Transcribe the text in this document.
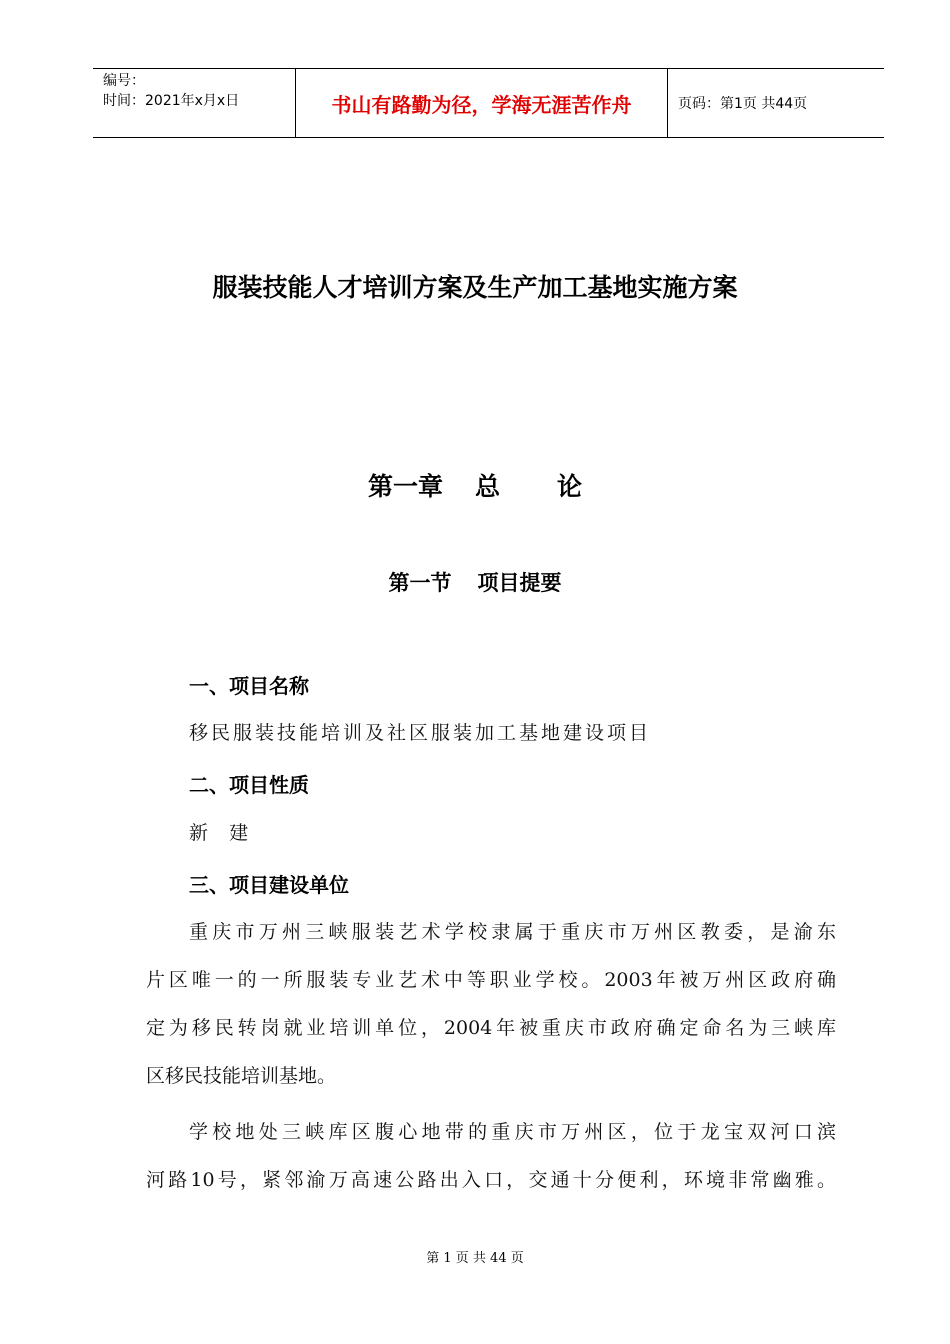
编号：
时间：2021年x月x日	书山有路勤为径，学海无涯苦作舟	页码：第1页 共44页
服装技能人才培训方案及生产加工基地实施方案
第一章 总 论
第一节 项目提要
一、项目名称
移民服装技能培训及社区服装加工基地建设项目
二、项目性质
新  建
三、项目建设单位
重庆市万州三峡服装艺术学校隶属于重庆市万州区教委，是渝东
片区唯一的一所服装专业艺术中等职业学校。2003年被万州区政府确
定为移民转岗就业培训单位，2004年被重庆市政府确定命名为三峡库
区移民技能培训基地。
学校地处三峡库区腹心地带的重庆市万州区，位于龙宝双河口滨
河路10号，紧邻渝万高速公路出入口，交通十分便利，环境非常幽雅。
第 1 页 共 44 页
